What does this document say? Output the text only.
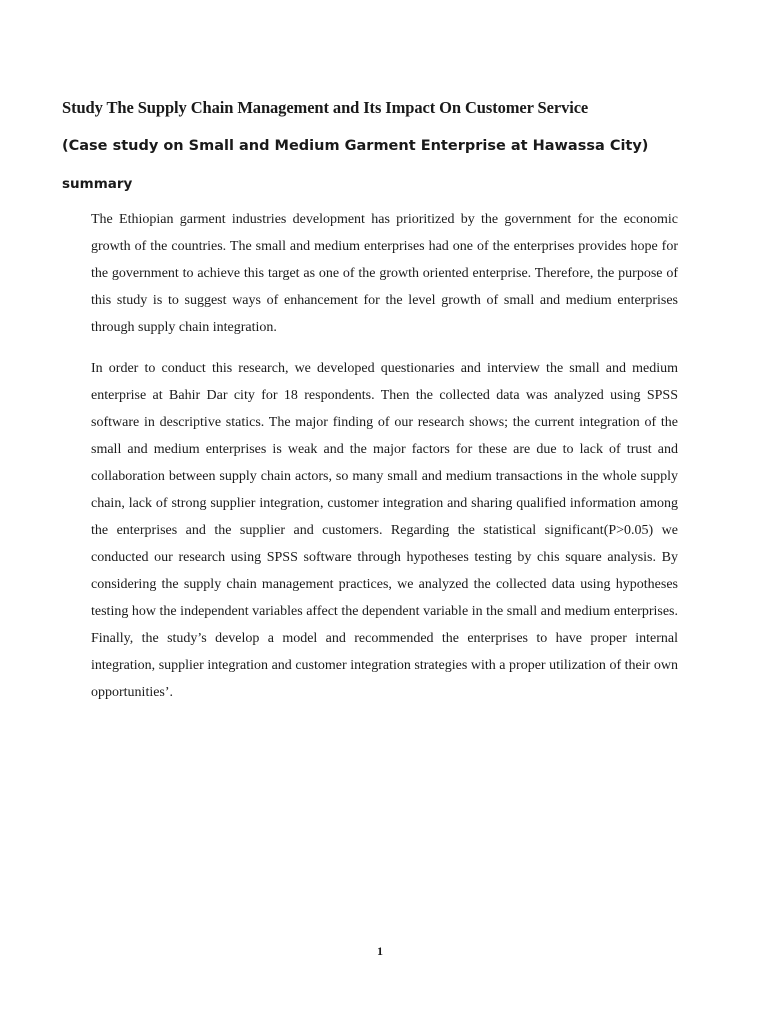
Study The Supply Chain Management and Its Impact On Customer Service
(Case study on Small and Medium Garment Enterprise at Hawassa City)
summary

The Ethiopian garment industries development has prioritized by the government for the economic growth of the countries. The small and medium enterprises had one of the enterprises provides hope for the government to achieve this target as one of the growth oriented enterprise. Therefore, the purpose of this study is to suggest ways of enhancement for the level growth of small and medium enterprises through supply chain integration.

In order to conduct this research, we developed questionaries and interview the small and medium enterprise at Bahir Dar city for 18 respondents. Then the collected data was analyzed using SPSS software in descriptive statics. The major finding of our research shows; the current integration of the small and medium enterprises is weak and the major factors for these are due to lack of trust and collaboration between supply chain actors, so many small and medium transactions in the whole supply chain, lack of strong supplier integration, customer integration and sharing qualified information among the enterprises and the supplier and customers. Regarding the statistical significant(P>0.05) we conducted our research using SPSS software through hypotheses testing by chis square analysis. By considering the supply chain management practices, we analyzed the collected data using hypotheses testing how the independent variables affect the dependent variable in the small and medium enterprises. Finally, the study’s develop a model and recommended the enterprises to have proper internal integration, supplier integration and customer integration strategies with a proper utilization of their own opportunities’.

1
